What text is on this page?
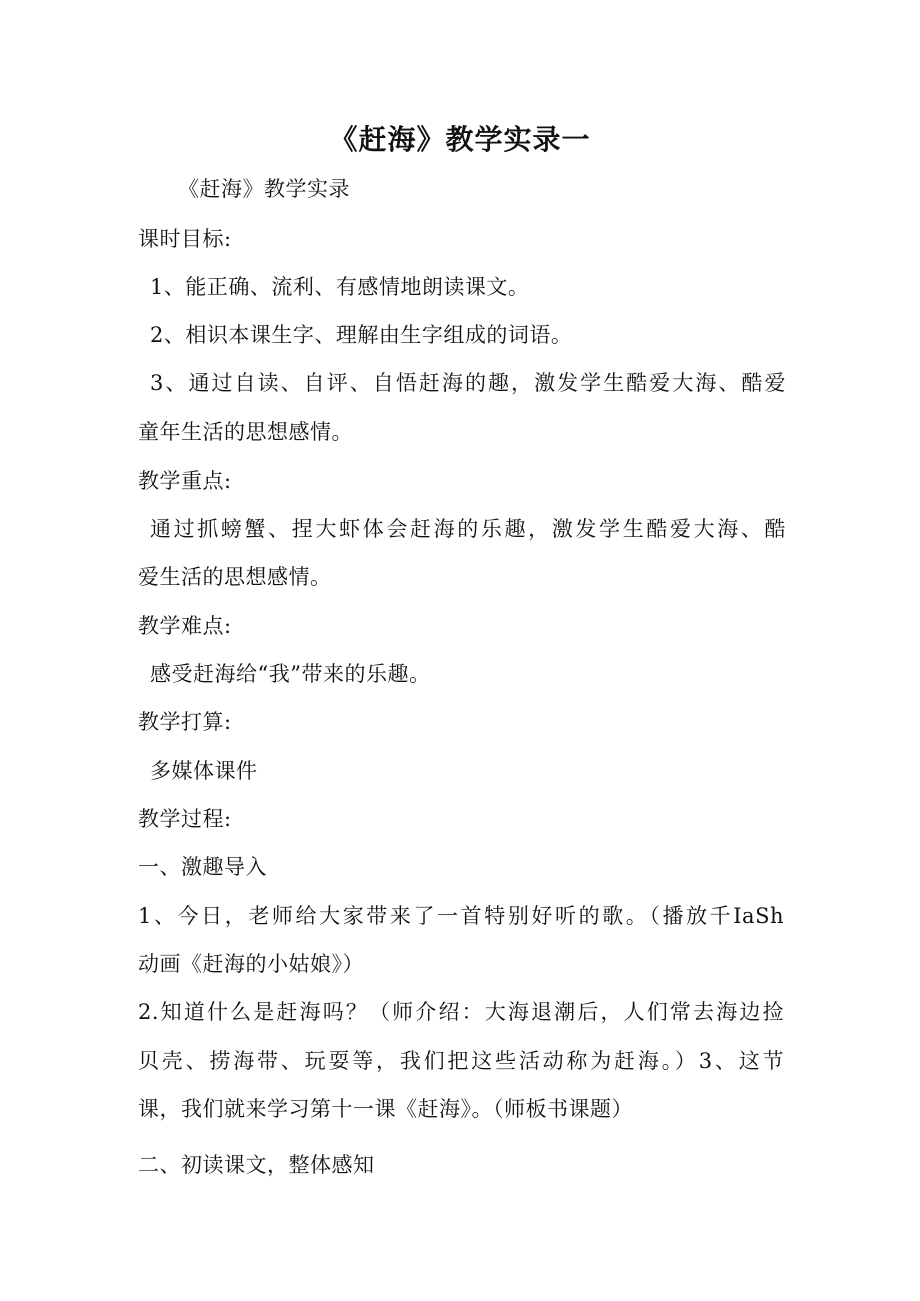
《赶海》教学实录一
《赶海》教学实录
课时目标:
1、能正确、流利、有感情地朗读课文。
2、相识本课生字、理解由生字组成的词语。
3、通过自读、自评、自悟赶海的趣，激发学生酷爱大海、酷爱
童年生活的思想感情。
教学重点:
通过抓螃蟹、捏大虾体会赶海的乐趣，激发学生酷爱大海、酷
爱生活的思想感情。
教学难点:
感受赶海给“我”带来的乐趣。
教学打算:
多媒体课件
教学过程:
一、激趣导入
1、今日，老师给大家带来了一首特别好听的歌。（播放千IaSh
动画《赶海的小姑娘》）
2.知道什么是赶海吗？（师介绍：大海退潮后，人们常去海边捡
贝壳、捞海带、玩耍等，我们把这些活动称为赶海。）3、这节
课，我们就来学习第十一课《赶海》。（师板书课题）
二、初读课文，整体感知
